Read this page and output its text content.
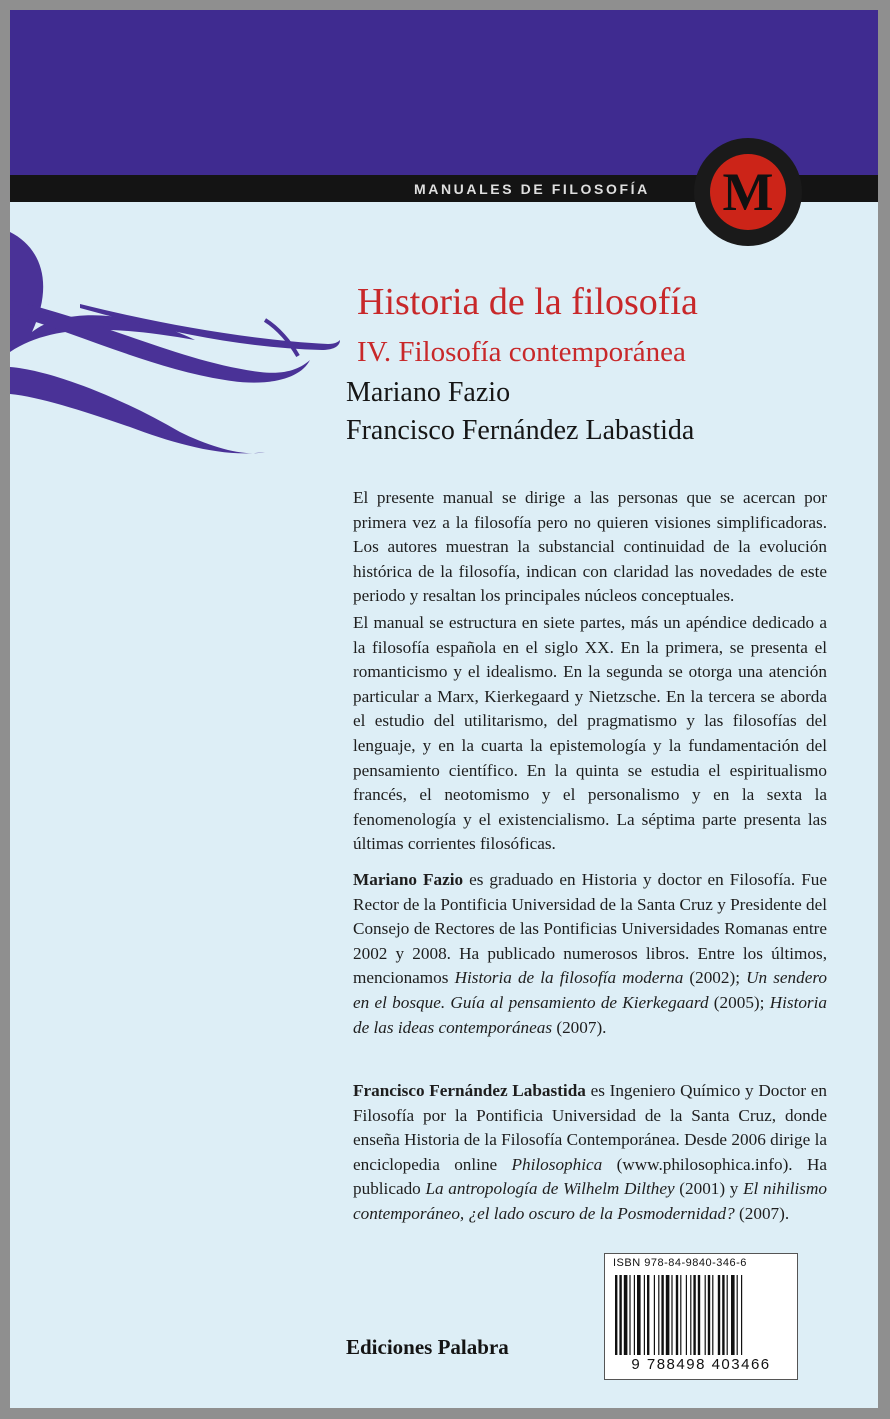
MANUALES DE FILOSOFÍA M
Historia de la filosofía
IV. Filosofía contemporánea
Mariano Fazio
Francisco Fernández Labastida
El presente manual se dirige a las personas que se acercan por primera vez a la filosofía pero no quieren visiones simplificadoras. Los autores muestran la substancial continuidad de la evolución histórica de la filosofía, indican con claridad las novedades de este periodo y resaltan los principales núcleos conceptuales.
El manual se estructura en siete partes, más un apéndice dedicado a la filosofía española en el siglo XX. En la primera, se presenta el romanticismo y el idealismo. En la segunda se otorga una atención particular a Marx, Kierkegaard y Nietzsche. En la tercera se aborda el estudio del utilitarismo, del pragmatismo y las filosofías del lenguaje, y en la cuarta la epistemología y la fundamentación del pensamiento científico. En la quinta se estudia el espiritualismo francés, el neotomismo y el personalismo y en la sexta la fenomenología y el existencialismo. La séptima parte presenta las últimas corrientes filosóficas.
Mariano Fazio es graduado en Historia y doctor en Filosofía. Fue Rector de la Pontificia Universidad de la Santa Cruz y Presidente del Consejo de Rectores de las Pontificias Universidades Romanas entre 2002 y 2008. Ha publicado numerosos libros. Entre los últimos, mencionamos Historia de la filosofía moderna (2002); Un sendero en el bosque. Guía al pensamiento de Kierkegaard (2005); Historia de las ideas contemporáneas (2007).
Francisco Fernández Labastida es Ingeniero Químico y Doctor en Filosofía por la Pontificia Universidad de la Santa Cruz, donde enseña Historia de la Filosofía Contemporánea. Desde 2006 dirige la enciclopedia online Philosophica (www.philosophica.info). Ha publicado La antropología de Wilhelm Dilthey (2001) y El nihilismo contemporáneo, ¿el lado oscuro de la Posmodernidad? (2007).
ISBN 978-84-9840-346-6
9 788498 403466
Ediciones Palabra
